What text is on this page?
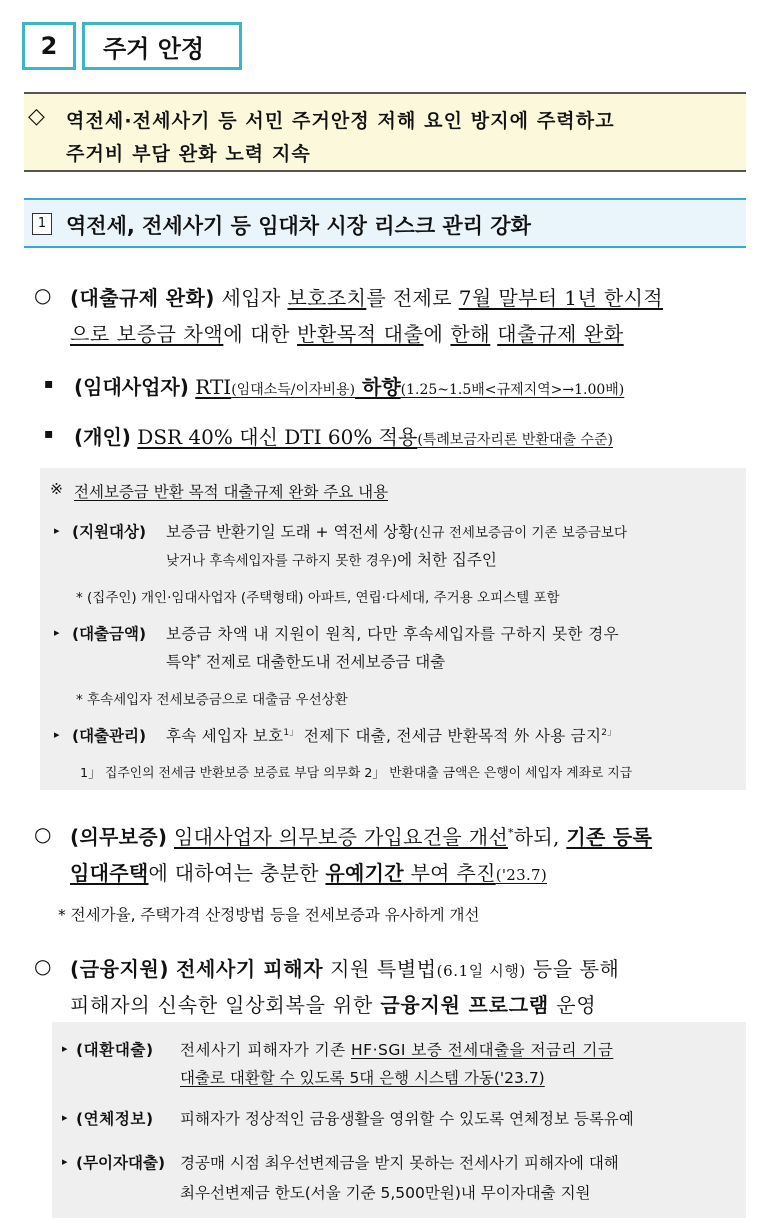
2 주거 안정
◇ 역전세·전세사기 등 서민 주거안정 저해 요인 방지에 주력하고
주거비 부담 완화 노력 지속
1 역전세, 전세사기 등 임대차 시장 리스크 관리 강화
○ (대출규제 완화) 세입자 보호조치를 전제로 7월 말부터 1년 한시적
으로 보증금 차액에 대한 반환목적 대출에 한해 대출규제 완화
▪ (임대사업자) RTI(임대소득/이자비용) 하향(1.25~1.5배<규제지역>→1.00배)
▪ (개인) DSR 40% 대신 DTI 60% 적용(특례보금자리론 반환대출 수준)
※ 전세보증금 반환 목적 대출규제 완화 주요 내용
▸ (지원대상) 보증금 반환기일 도래 + 역전세 상황(신규 전세보증금이 기존 보증금보다
낮거나 후속세입자를 구하지 못한 경우)에 처한 집주인
* (집주인) 개인·임대사업자 (주택형태) 아파트, 연립·다세대, 주거용 오피스텔 포함
▸ (대출금액) 보증금 차액 내 지원이 원칙, 다만 후속세입자를 구하지 못한 경우
특약* 전제로 대출한도내 전세보증금 대출
* 후속세입자 전세보증금으로 대출금 우선상환
▸ (대출관리) 후속 세입자 보호$^{1」}$ 전제下 대출, 전세금 반환목적 外 사용 금지$^{2」}$
1」 집주인의 전세금 반환보증 보증료 부담 의무화 2」 반환대출 금액은 은행이 세입자 계좌로 지급
○ (의무보증) 임대사업자 의무보증 가입요건을 개선*하되, 기존 등록
임대주택에 대하여는 충분한 유예기간 부여 추진('23.7)
* 전세가율, 주택가격 산정방법 등을 전세보증과 유사하게 개선
○ (금융지원) 전세사기 피해자 지원 특별법(6.1일 시행) 등을 통해
피해자의 신속한 일상회복을 위한 금융지원 프로그램 운영
▸ (대환대출) 전세사기 피해자가 기존 HF·SGI 보증 전세대출을 저금리 기금
대출로 대환할 수 있도록 5대 은행 시스템 가동('23.7)
▸ (연체정보) 피해자가 정상적인 금융생활을 영위할 수 있도록 연체정보 등록유예
▸ (무이자대출) 경공매 시점 최우선변제금을 받지 못하는 전세사기 피해자에 대해
최우선변제금 한도(서울 기준 5,500만원)내 무이자대출 지원
